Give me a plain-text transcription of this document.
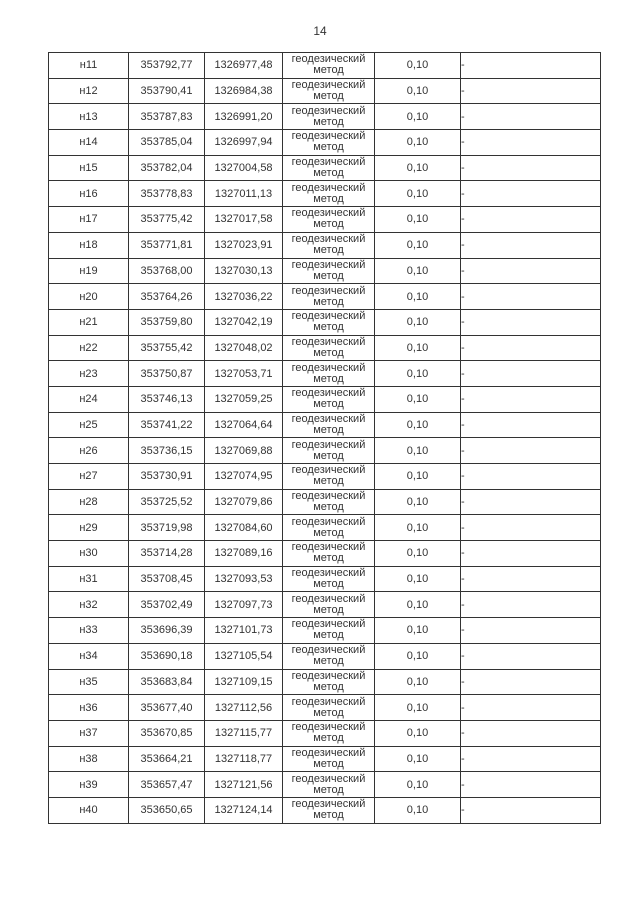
14
н11	353792,77	1326977,48	геодезический
метод	0,10	-
н12	353790,41	1326984,38	геодезический
метод	0,10	-
н13	353787,83	1326991,20	геодезический
метод	0,10	-
н14	353785,04	1326997,94	геодезический
метод	0,10	-
н15	353782,04	1327004,58	геодезический
метод	0,10	-
н16	353778,83	1327011,13	геодезический
метод	0,10	-
н17	353775,42	1327017,58	геодезический
метод	0,10	-
н18	353771,81	1327023,91	геодезический
метод	0,10	-
н19	353768,00	1327030,13	геодезический
метод	0,10	-
н20	353764,26	1327036,22	геодезический
метод	0,10	-
н21	353759,80	1327042,19	геодезический
метод	0,10	-
н22	353755,42	1327048,02	геодезический
метод	0,10	-
н23	353750,87	1327053,71	геодезический
метод	0,10	-
н24	353746,13	1327059,25	геодезический
метод	0,10	-
н25	353741,22	1327064,64	геодезический
метод	0,10	-
н26	353736,15	1327069,88	геодезический
метод	0,10	-
н27	353730,91	1327074,95	геодезический
метод	0,10	-
н28	353725,52	1327079,86	геодезический
метод	0,10	-
н29	353719,98	1327084,60	геодезический
метод	0,10	-
н30	353714,28	1327089,16	геодезический
метод	0,10	-
н31	353708,45	1327093,53	геодезический
метод	0,10	-
н32	353702,49	1327097,73	геодезический
метод	0,10	-
н33	353696,39	1327101,73	геодезический
метод	0,10	-
н34	353690,18	1327105,54	геодезический
метод	0,10	-
н35	353683,84	1327109,15	геодезический
метод	0,10	-
н36	353677,40	1327112,56	геодезический
метод	0,10	-
н37	353670,85	1327115,77	геодезический
метод	0,10	-
н38	353664,21	1327118,77	геодезический
метод	0,10	-
н39	353657,47	1327121,56	геодезический
метод	0,10	-
н40	353650,65	1327124,14	геодезический
метод	0,10	-
